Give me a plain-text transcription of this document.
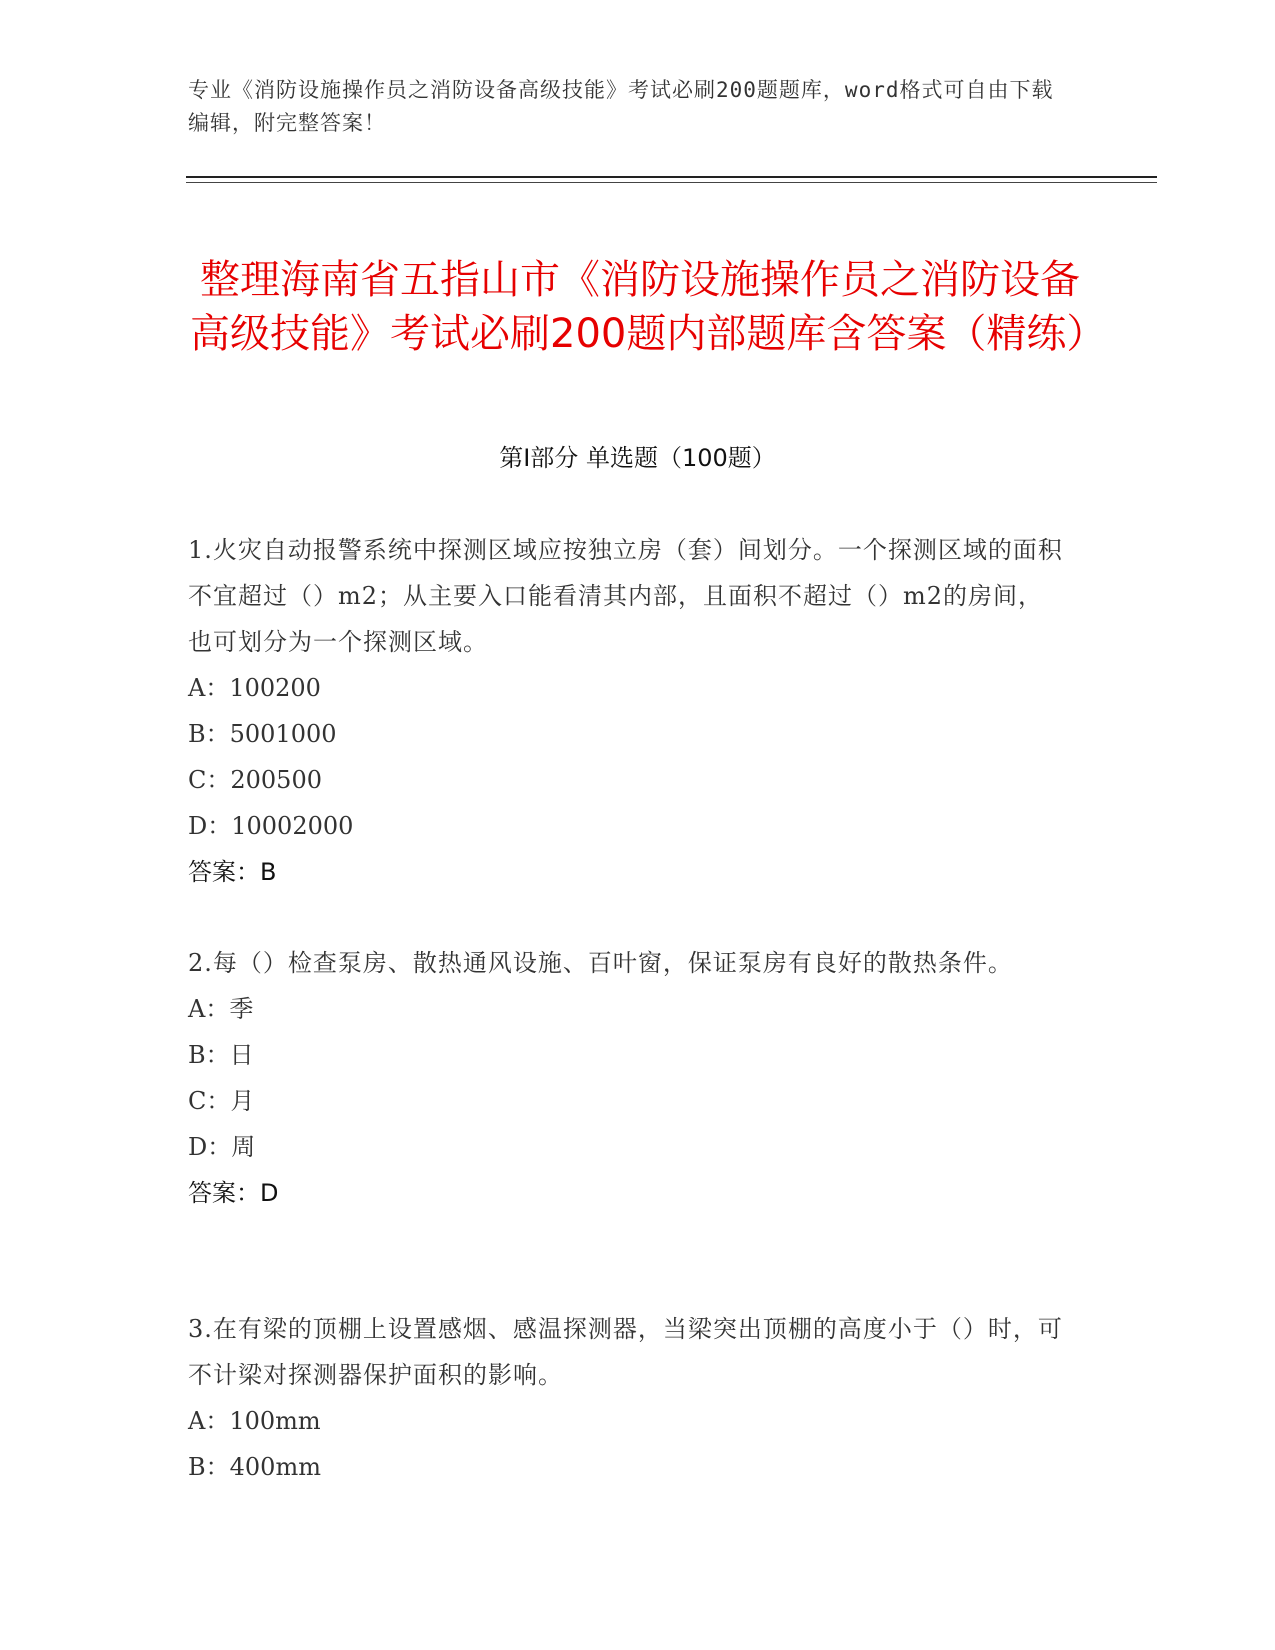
专业《消防设施操作员之消防设备高级技能》考试必刷200题题库，word格式可自由下载编辑，附完整答案！
整理海南省五指山市《消防设施操作员之消防设备高级技能》考试必刷200题内部题库含答案（精练）
第Ⅰ部分 单选题（100题）

1.火灾自动报警系统中探测区域应按独立房（套）间划分。一个探测区域的面积不宜超过（）m2；从主要入口能看清其内部，且面积不超过（）m2的房间，也可划分为一个探测区域。

A：100200

B：5001000

C：200500

D：10002000

答案：B

2.每（）检查泵房、散热通风设施、百叶窗，保证泵房有良好的散热条件。

A：季

B：日

C：月

D：周

答案：D

3.在有梁的顶棚上设置感烟、感温探测器，当梁突出顶棚的高度小于（）时，可不计梁对探测器保护面积的影响。

A：100mm

B：400mm
